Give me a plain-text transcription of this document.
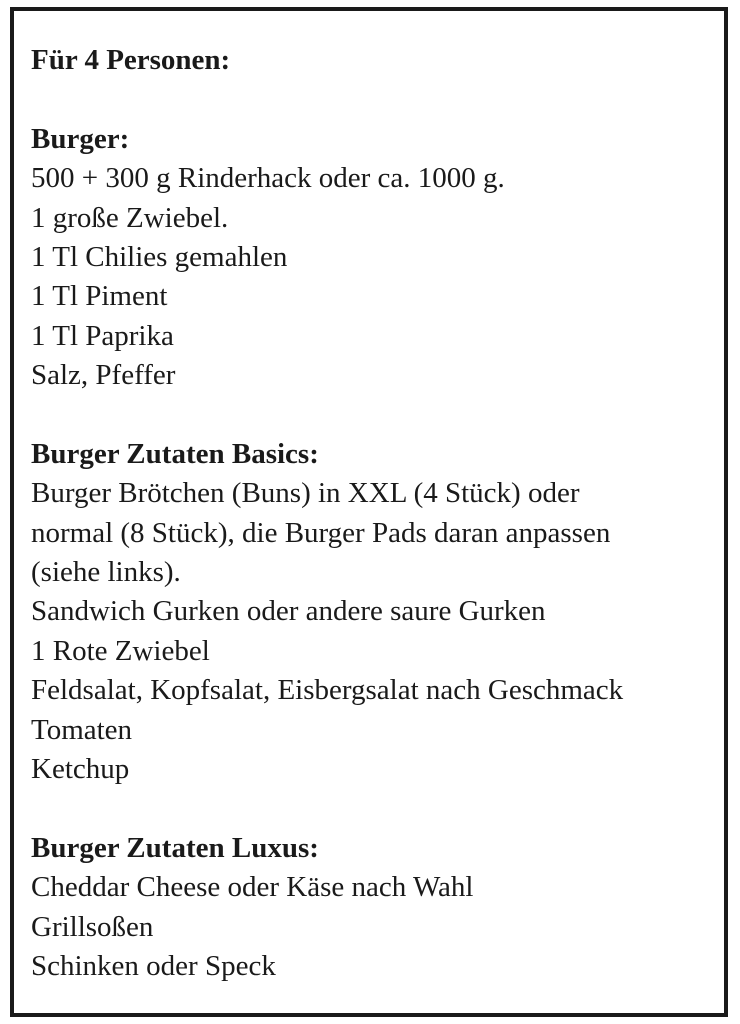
Für 4 Personen:
Burger:
500 + 300 g Rinderhack oder ca. 1000 g.
1 große Zwiebel.
1 Tl Chilies gemahlen
1 Tl Piment
1 Tl Paprika
Salz, Pfeffer
Burger Zutaten Basics:
Burger Brötchen (Buns) in XXL (4 Stück) oder
normal (8 Stück), die Burger Pads daran anpassen
(siehe links).
Sandwich Gurken oder andere saure Gurken
1 Rote Zwiebel
Feldsalat, Kopfsalat, Eisbergsalat nach Geschmack
Tomaten
Ketchup
Burger Zutaten Luxus:
Cheddar Cheese oder Käse nach Wahl
Grillsoßen
Schinken oder Speck
